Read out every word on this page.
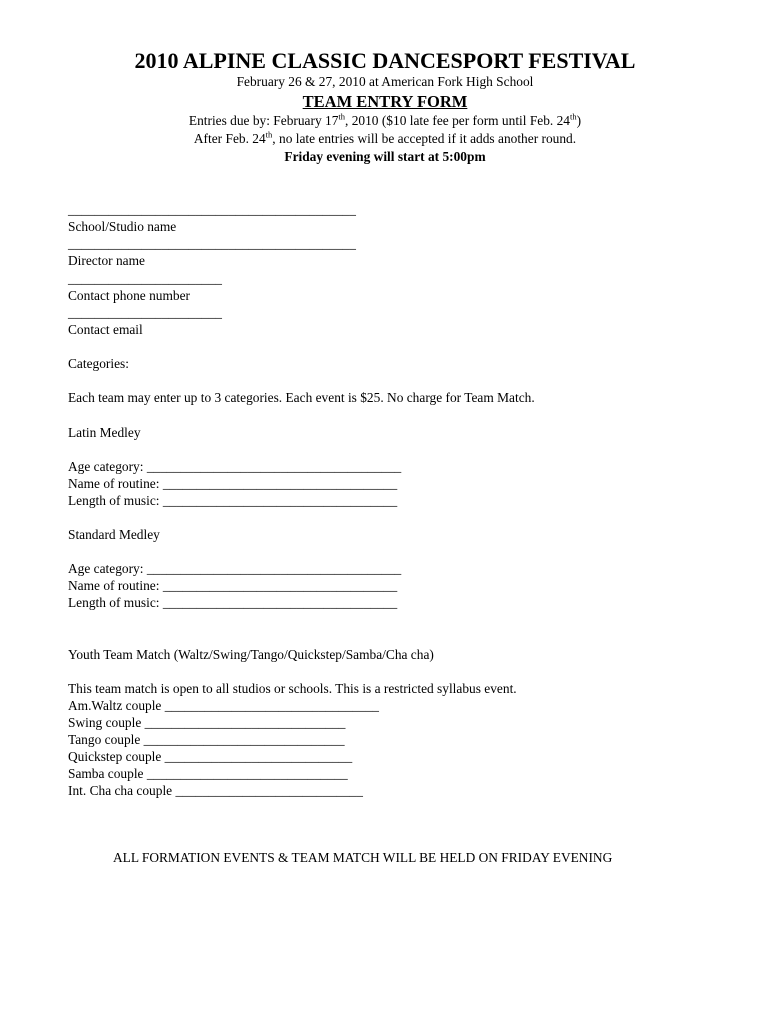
2010 ALPINE CLASSIC DANCESPORT FESTIVAL
February 26 & 27, 2010 at American Fork High School
TEAM ENTRY FORM
Entries due by: February 17th, 2010 ($10 late fee per form until Feb. 24th)
After Feb. 24th, no late entries will be accepted if it adds another round.
Friday evening will start at 5:00pm
___________________________________________
School/Studio name
___________________________________________
Director name
_______________________
Contact phone number
_______________________
Contact email
Categories:
Each team may enter up to 3 categories. Each event is $25. No charge for Team Match.
Latin Medley
Age category: ______________________________________
Name of routine: ___________________________________
Length of music: ___________________________________
Standard Medley
Age category: ______________________________________
Name of routine: ___________________________________
Length of music: ___________________________________
Youth Team Match (Waltz/Swing/Tango/Quickstep/Samba/Cha cha)
This team match is open to all studios or schools. This is a restricted syllabus event.
Am.Waltz couple ________________________________
Swing couple ______________________________
Tango couple ______________________________
Quickstep couple ____________________________
Samba couple ______________________________
Int. Cha cha couple ____________________________
ALL FORMATION EVENTS & TEAM MATCH WILL BE HELD ON FRIDAY EVENING
